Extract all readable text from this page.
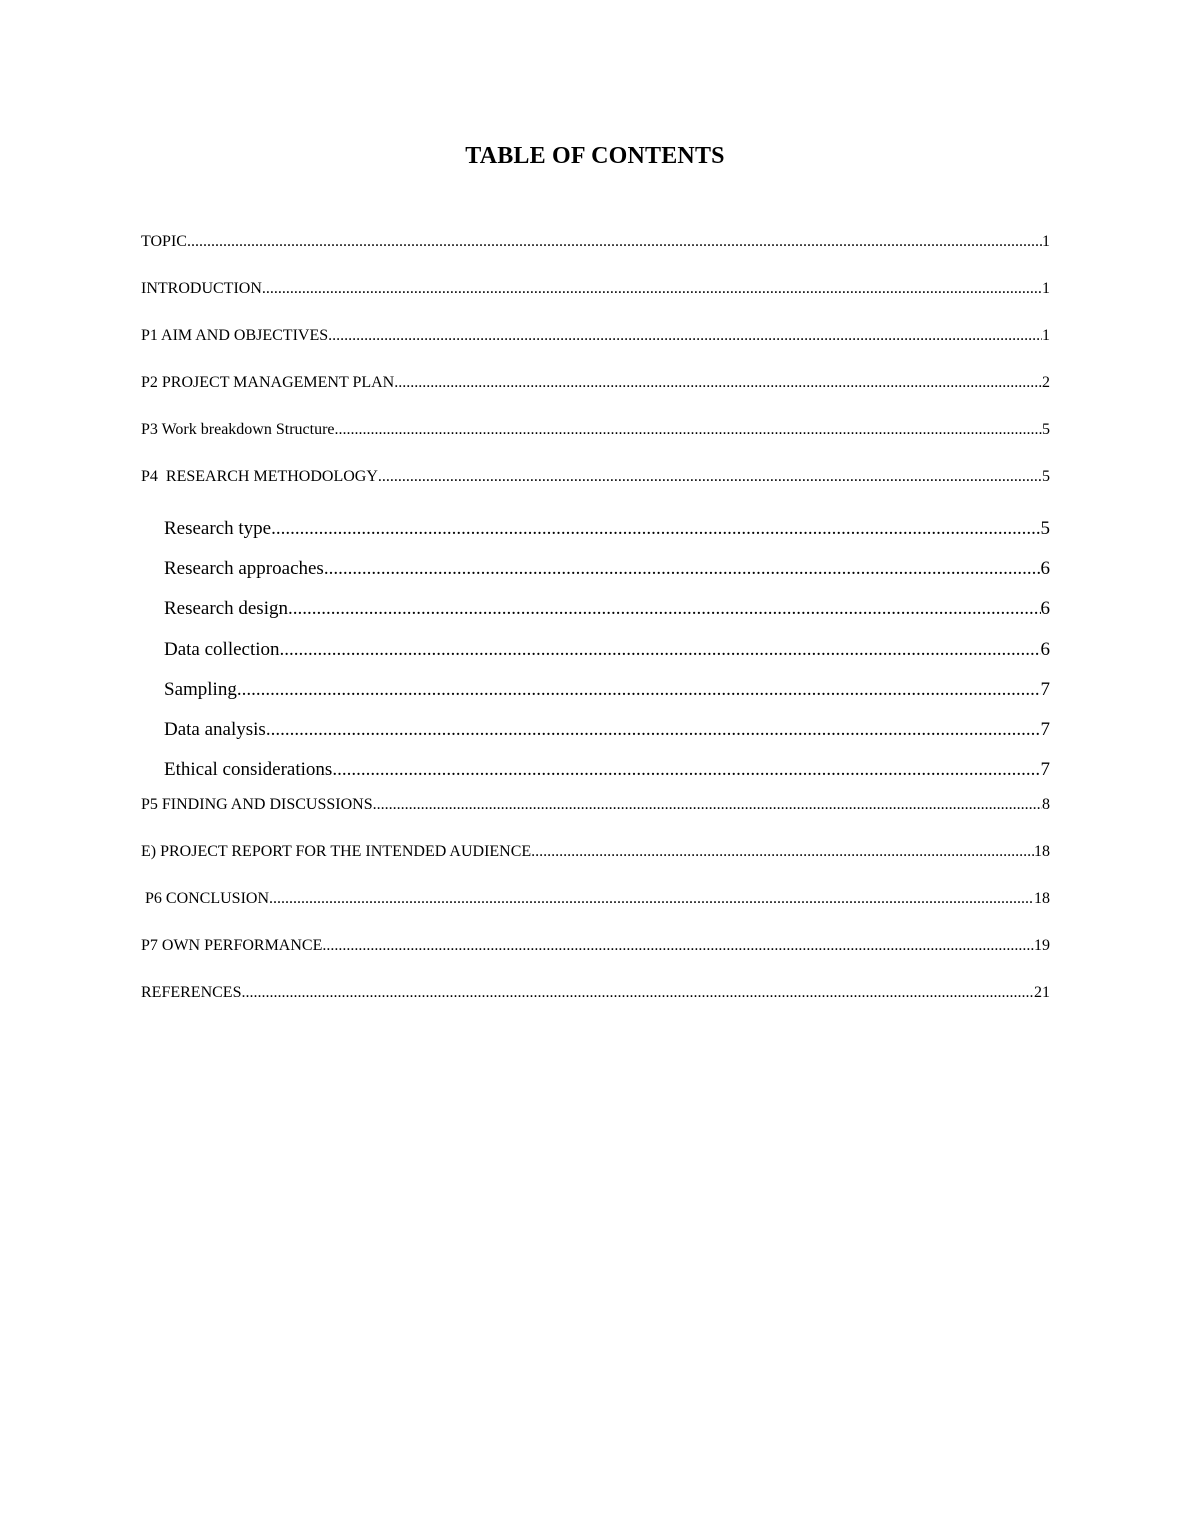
TABLE OF CONTENTS
TOPIC .....	1
INTRODUCTION .....	1
P1 AIM AND OBJECTIVES .....	1
P2 PROJECT MANAGEMENT PLAN .....	2
P3 Work breakdown Structure .....	5
P4  RESEARCH METHODOLOGY .....	5
Research type .....	5
Research approaches .....	6
Research design .....	6
Data collection .....	6
Sampling .....	7
Data analysis .....	7
Ethical considerations .....	7
P5 FINDING AND DISCUSSIONS .....	8
E) PROJECT REPORT FOR THE INTENDED AUDIENCE .....	18
P6 CONCLUSION .....	18
P7 OWN PERFORMANCE .....	19
REFERENCES .....	21
